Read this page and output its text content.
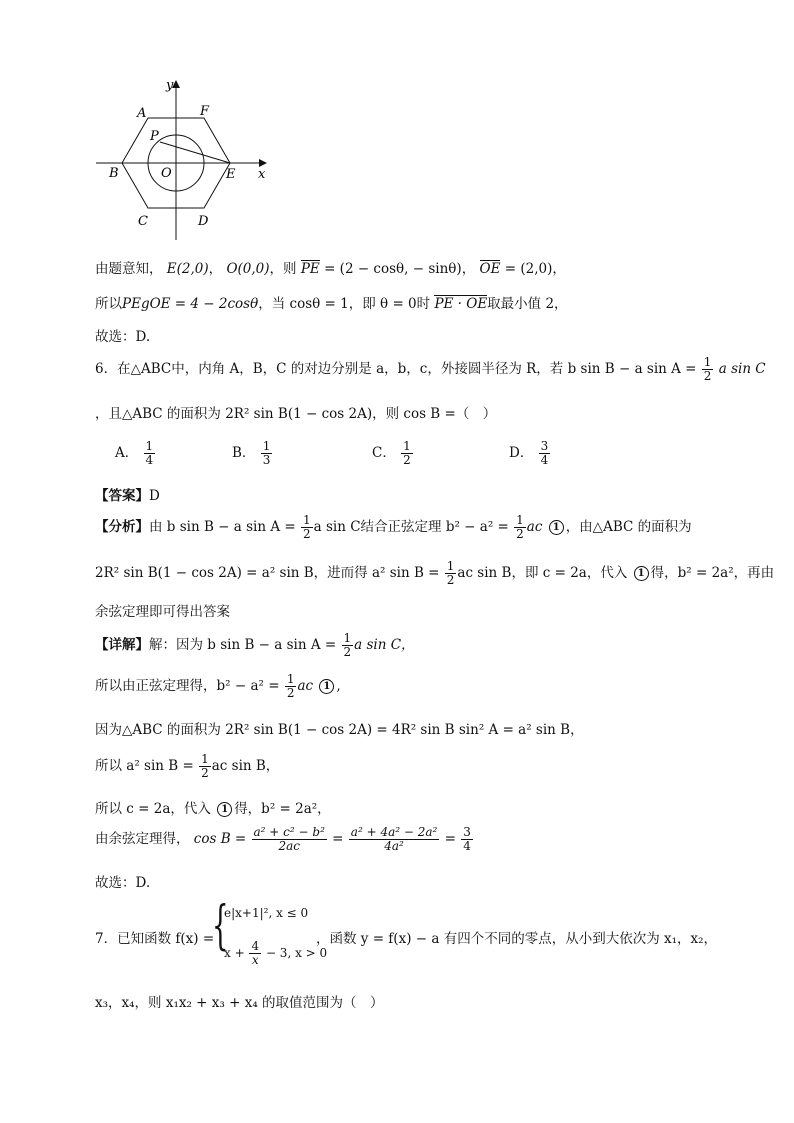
y
x
A	F
P
B	O	E
C	D
由题意知， E(2,0)， O(0,0)，则 PE = (2 − cosθ, − sinθ)， OE = (2,0)，
所以PEgOE = 4 − 2cosθ，当 cosθ = 1，即 θ = 0时 PE · OE取最小值 2，
故选：D.
6．在△ABC中，内角 A，B，C 的对边分别是 a，b，c，外接圆半径为 R，若 b sin B − a $\sin A = \frac{1}{2}$ a sin C
，且△ABC 的面积为 2R² sin B(1 − cos 2A)，则 cos B =（　）
A． $\frac{1}{4}$	B． $\frac{1}{3}$	C． $\frac{1}{2}$	D． $\frac{3}{4}$
【答案】D
【分析】由 b sin B − a $\sin A = \frac{1}{2}$ a sin C结合正弦定理 $b^2 - a^2 = \frac{1}{2}$ ac 1 ，由△ABC 的面积为
2R² sin B(1 − cos 2A) = a² sin B，进而得 a² $\sin B = \frac{1}{2}$ ac sin B，即 c = 2a，代入 1 得，b² = 2a²，再由
余弦定理即可得出答案
【详解】解：因为 b sin B − a $\sin A = \frac{1}{2}$ a sin C，
所以由正弦定理得，$b^2 - a^2 = \frac{1}{2}$ ac 1 ,
因为△ABC 的面积为 2R² sin B(1 − cos 2A) = 4R² sin B sin² A = a² sin B，
所以 a² $\sin B = \frac{1}{2}$ ac sin B，
所以 c = 2a，代入 1 得，b² = 2a²，
由余弦定理得， $\cos B = \frac{\text{a² + c² − b²}}{2ac} = \frac{\text{a² + 4a² − 2a²}}{\text{4a²}} = \frac{3}{4}$
故选：D.
7．已知函数 f(x) =
{
e|x+1|², x ≤ 0
$x + \frac{4}{x} - 3$, x > 0
，函数 y = f(x) − a 有四个不同的零点，从小到大依次为 x₁，x₂，
x₃，x₄，则 x₁x₂ + x₃ + x₄ 的取值范围为（　）
